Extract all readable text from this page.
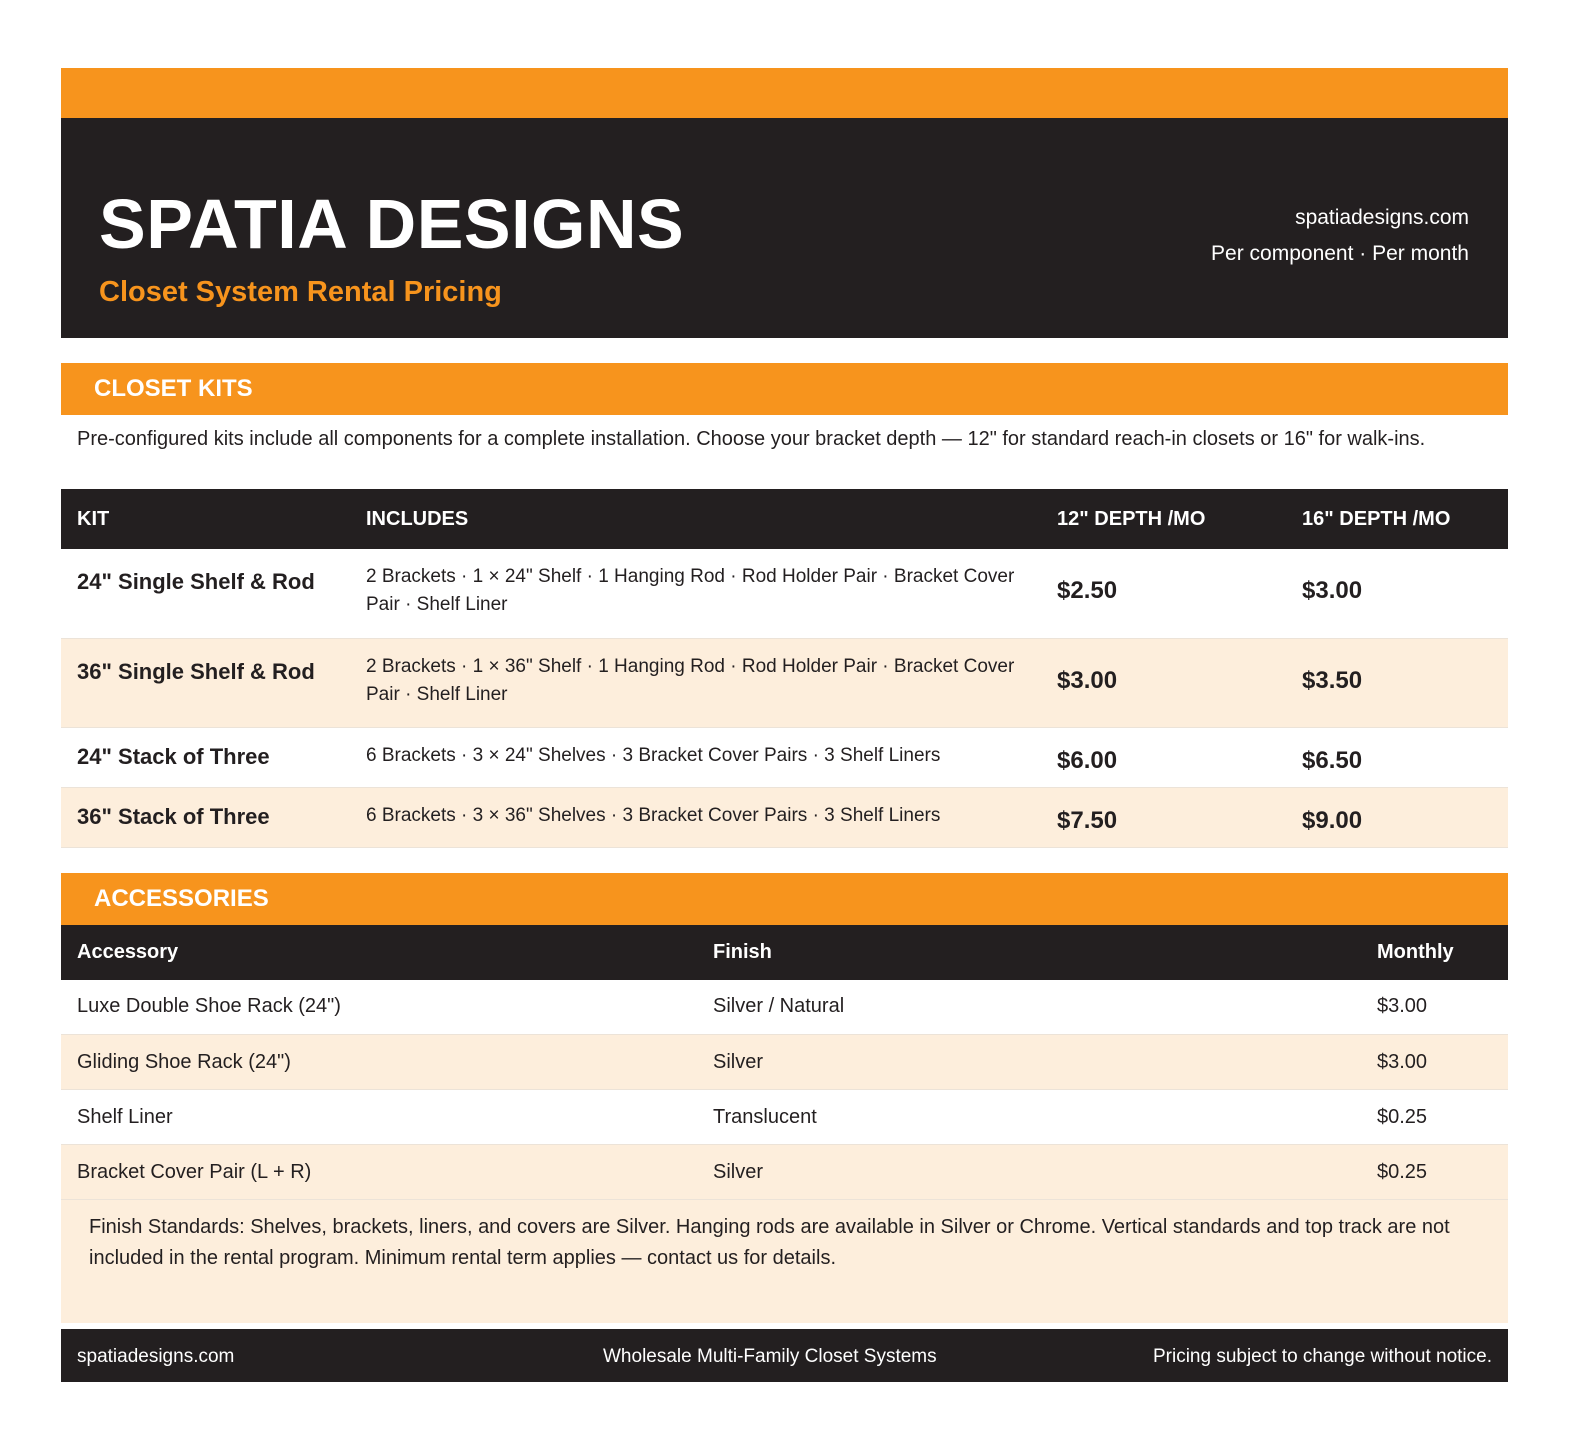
SPATIA DESIGNS
Closet System Rental Pricing
spatiadesigns.com
Per component · Per month
CLOSET KITS
Pre-configured kits include all components for a complete installation. Choose your bracket depth — 12" for standard reach-in closets or 16" for walk-ins.
KIT	INCLUDES	12" DEPTH /MO	16" DEPTH /MO
24" Single Shelf & Rod	2 Brackets · 1 × 24" Shelf · 1 Hanging Rod · Rod Holder Pair · Bracket Cover Pair · Shelf Liner	$2.50	$3.00
36" Single Shelf & Rod	2 Brackets · 1 × 36" Shelf · 1 Hanging Rod · Rod Holder Pair · Bracket Cover Pair · Shelf Liner	$3.00	$3.50
24" Stack of Three	6 Brackets · 3 × 24" Shelves · 3 Bracket Cover Pairs · 3 Shelf Liners	$6.00	$6.50
36" Stack of Three	6 Brackets · 3 × 36" Shelves · 3 Bracket Cover Pairs · 3 Shelf Liners	$7.50	$9.00
ACCESSORIES
Accessory	Finish	Monthly
Luxe Double Shoe Rack (24")	Silver / Natural	$3.00
Gliding Shoe Rack (24")	Silver	$3.00
Shelf Liner	Translucent	$0.25
Bracket Cover Pair (L + R)	Silver	$0.25
Finish Standards: Shelves, brackets, liners, and covers are Silver. Hanging rods are available in Silver or Chrome. Vertical standards and top track are not included in the rental program. Minimum rental term applies — contact us for details.
spatiadesigns.com	Wholesale Multi-Family Closet Systems	Pricing subject to change without notice.
